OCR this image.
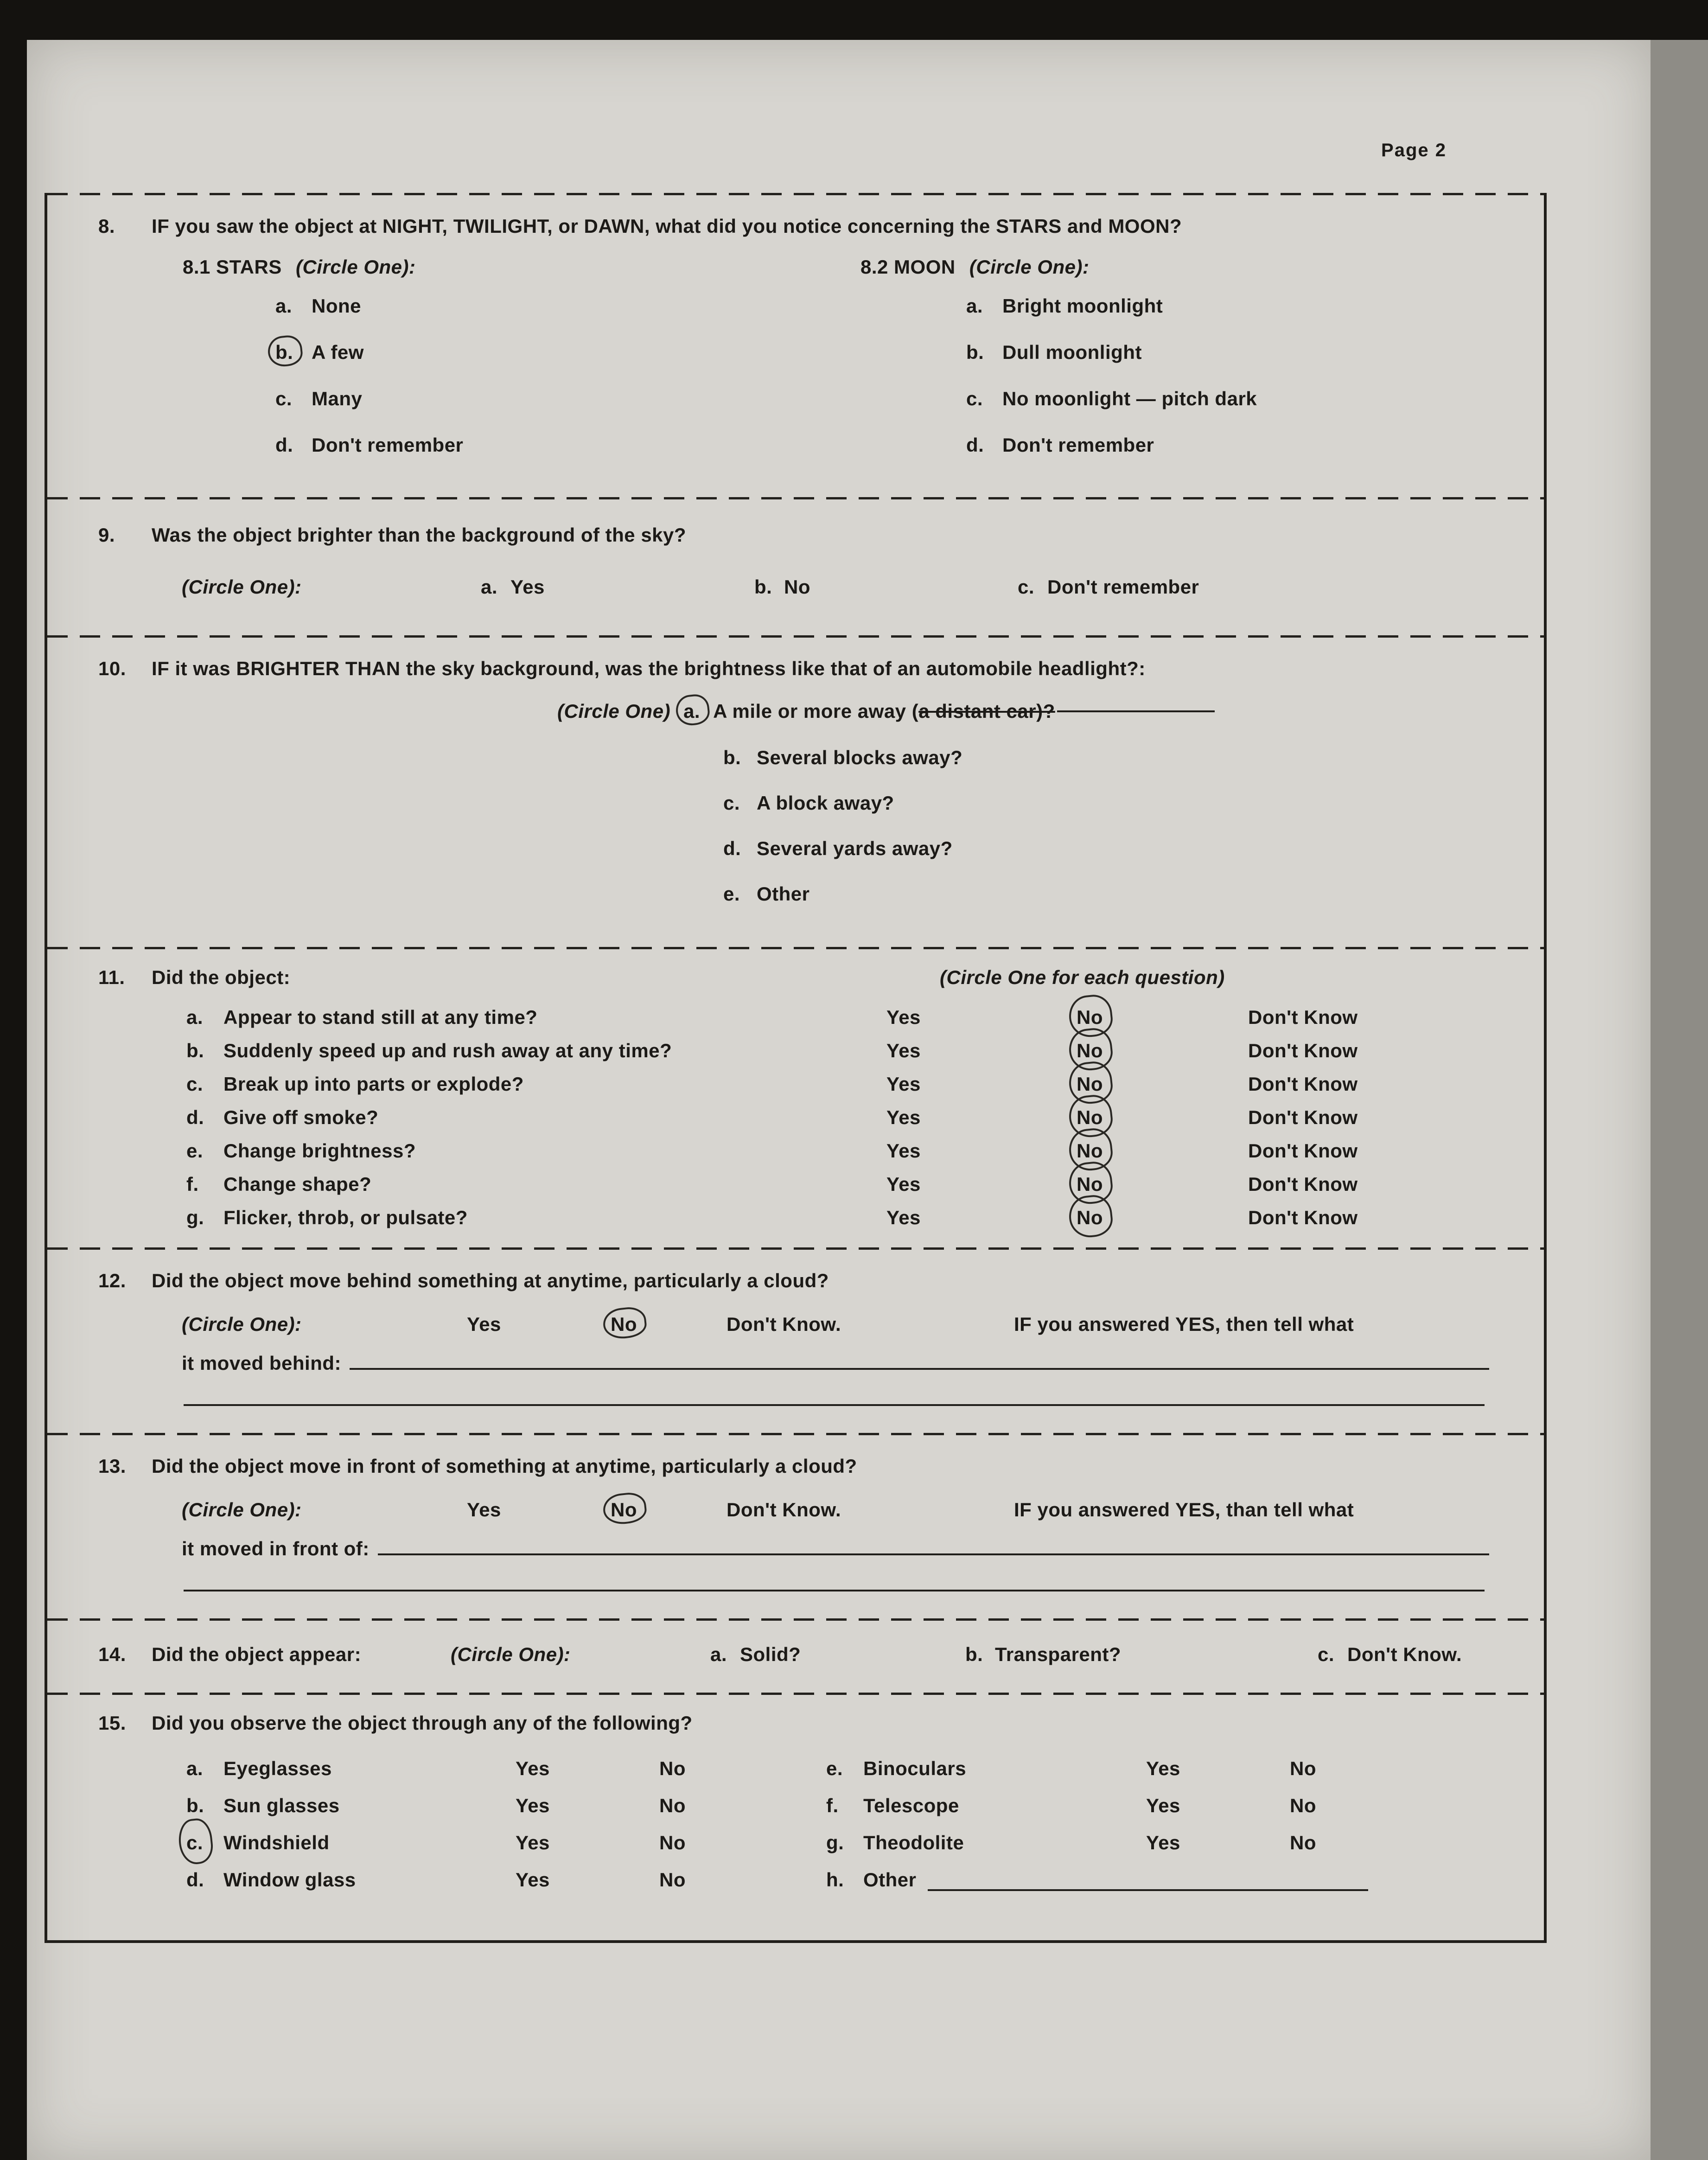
Page 2
8.	IF you saw the object at NIGHT, TWILIGHT, or DAWN, what did you notice concerning the STARS and MOON?
8.1 STARS (Circle One):
a. None
b. A few
c. Many
d. Don't remember
8.2 MOON (Circle One):
a. Bright moonlight
b. Dull moonlight
c. No moonlight — pitch dark
d. Don't remember
9.	Was the object brighter than the background of the sky?
(Circle One):	a. Yes	b. No	c. Don't remember
10.	IF it was BRIGHTER THAN the sky background, was the brightness like that of an automobile headlight?:
(Circle One) a. A mile or more away (a distant car)?
b. Several blocks away?
c. A block away?
d. Several yards away?
e. Other
11.	Did the object:	(Circle One for each question)
a.	Appear to stand still at any time?	Yes	No	Don't Know
b. Suddenly speed up and rush away at any time?	Yes	No	Don't Know
c.	Break up into parts or explode?	Yes	No	Don't Know
d. Give off smoke?	Yes	No	Don't Know
e.	Change brightness?	Yes	No	Don't Know
f.	Change shape?	Yes	No	Don't Know
g. Flicker, throb, or pulsate?	Yes	No	Don't Know
12.	Did the object move behind something at anytime, particularly a cloud?
(Circle One):	Yes	No	Don't Know.	IF you answered YES, then tell what
it moved behind:
13.	Did the object move in front of something at anytime, particularly a cloud?
(Circle One):	Yes	No	Don't Know.	IF you answered YES, than tell what
it moved in front of:
14.	Did the object appear:	(Circle One):	a. Solid?	b. Transparent?	c. Don't Know.
15.	Did you observe the object through any of the following?
a.	Eyeglasses	Yes	No	e.	Binoculars	Yes	No
b. Sun glasses	Yes	No	f.	Telescope	Yes	No
c.	Windshield	Yes	No	g. Theodolite	Yes	No
d. Window glass	Yes	No	h. Other
